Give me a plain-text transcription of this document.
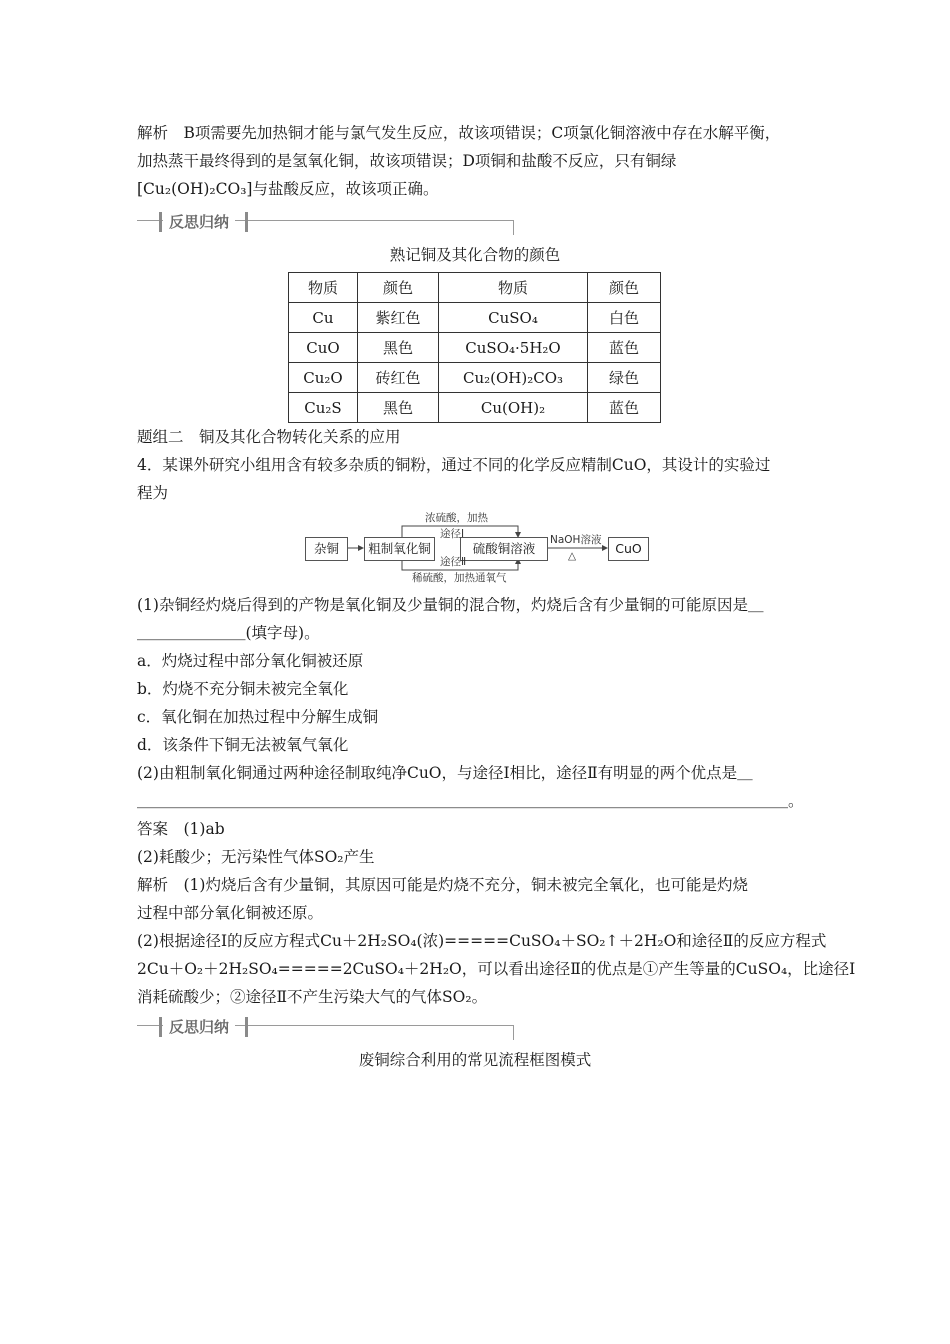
解析　B项需要先加热铜才能与氯气发生反应，故该项错误；C项氯化铜溶液中存在水解平衡，
加热蒸干最终得到的是氢氧化铜，故该项错误；D项铜和盐酸不反应，只有铜绿
[Cu₂(OH)₂CO₃]与盐酸反应，故该项正确。
反思归纳
熟记铜及其化合物的颜色
物质	颜色	物质	颜色
Cu	紫红色	CuSO₄	白色
CuO	黑色	CuSO₄·5H₂O	蓝色
Cu₂O	砖红色	Cu₂(OH)₂CO₃	绿色
Cu₂S	黑色	Cu(OH)₂	蓝色
题组二　铜及其化合物转化关系的应用
4．某课外研究小组用含有较多杂质的铜粉，通过不同的化学反应精制CuO，其设计的实验过
程为
杂铜	粗制氧化铜	硫酸铜溶液	CuO
浓硫酸，加热
途径Ⅰ
途径Ⅱ
稀硫酸，加热通氧气
NaOH溶液
△
(1)杂铜经灼烧后得到的产物是氧化铜及少量铜的混合物，灼烧后含有少量铜的可能原因是＿
＿＿＿＿＿＿＿(填字母)。
a．灼烧过程中部分氧化铜被还原
b．灼烧不充分铜未被完全氧化
c．氧化铜在加热过程中分解生成铜
d．该条件下铜无法被氧气氧化
(2)由粗制氧化铜通过两种途径制取纯净CuO，与途径Ⅰ相比，途径Ⅱ有明显的两个优点是＿
＿＿＿＿＿＿＿＿＿＿＿＿＿＿＿＿＿＿＿＿＿＿＿＿＿＿＿＿＿＿＿＿＿＿＿＿＿＿＿＿＿＿。
答案　(1)ab
(2)耗酸少；无污染性气体SO₂产生
解析　(1)灼烧后含有少量铜，其原因可能是灼烧不充分，铜未被完全氧化，也可能是灼烧
过程中部分氧化铜被还原。
(2)根据途径Ⅰ的反应方程式Cu＋2H₂SO₄(浓)=====CuSO₄＋SO₂↑＋2H₂O和途径Ⅱ的反应方程式
2Cu＋O₂＋2H₂SO₄=====2CuSO₄＋2H₂O，可以看出途径Ⅱ的优点是①产生等量的CuSO₄，比途径Ⅰ
消耗硫酸少；②途径Ⅱ不产生污染大气的气体SO₂。
反思归纳
废铜综合利用的常见流程框图模式
